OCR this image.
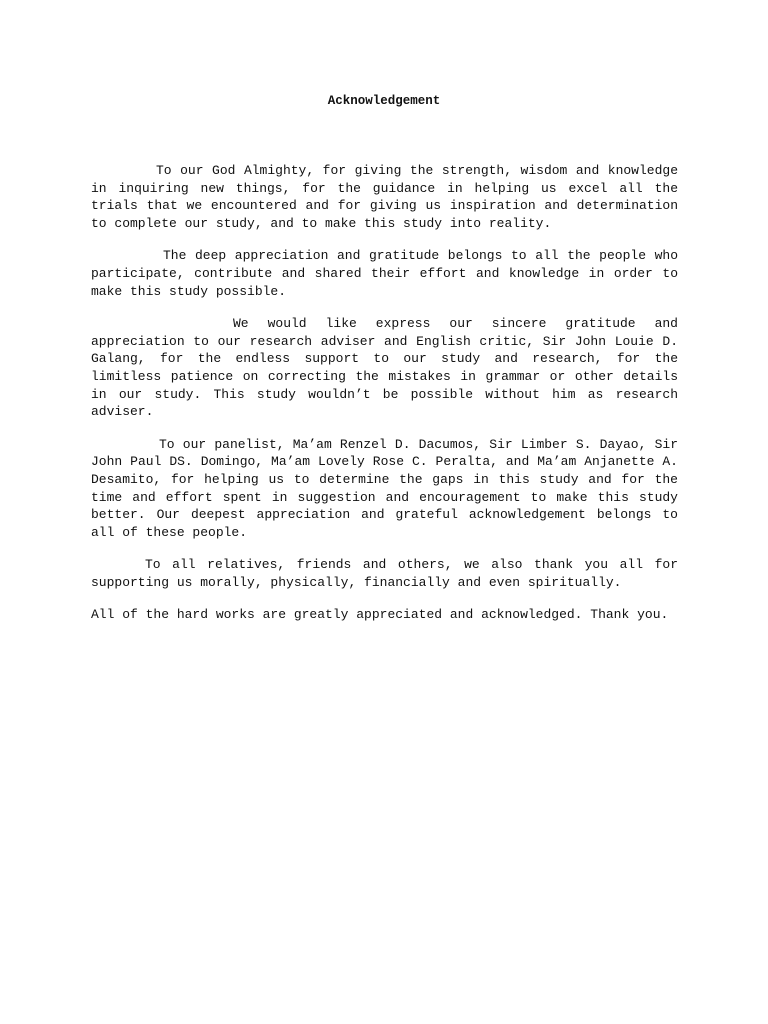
Acknowledgement

To our God Almighty, for giving the strength, wisdom and knowledge in inquiring new things, for the guidance in helping us excel all the trials that we encountered and for giving us inspiration and determination to complete our study, and to make this study into reality.

The deep appreciation and gratitude belongs to all the people who participate, contribute and shared their effort and knowledge in order to make this study possible.

We would like express our sincere gratitude and appreciation to our research adviser and English critic, Sir John Louie D. Galang, for the endless support to our study and research, for the limitless patience on correcting the mistakes in grammar or other details in our study. This study wouldn’t be possible without him as research adviser.

To our panelist, Ma’am Renzel D. Dacumos, Sir Limber S. Dayao, Sir John Paul DS. Domingo, Ma’am Lovely Rose C. Peralta, and Ma’am Anjanette A. Desamito, for helping us to determine the gaps in this study and for the time and effort spent in suggestion and encouragement to make this study better. Our deepest appreciation and grateful acknowledgement belongs to all of these people.

To all relatives, friends and others, we also thank you all for supporting us morally, physically, financially and even spiritually.

All of the hard works are greatly appreciated and acknowledged. Thank you.
